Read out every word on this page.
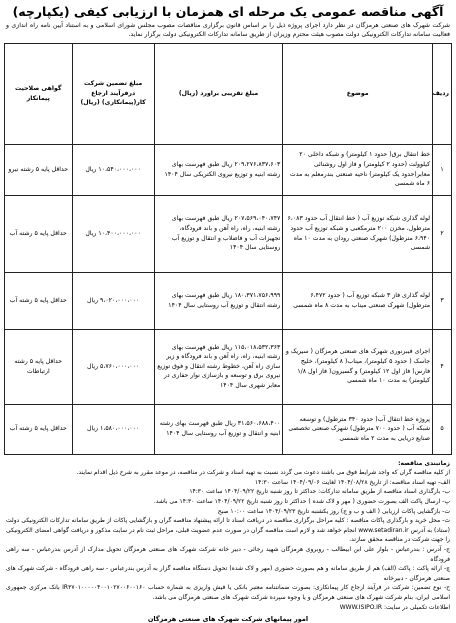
آگهی مناقصه عمومی یک مرحله ای همزمان با ارزیابی کیفی (یکپارچه)
شرکت شهرک های صنعتی هرمزگان در نظر دارد اجرای پروژه ذیل را بر اساس قانون برگزاری مناقصات مصوب مجلس شورای اسلامی و به استناد آیین نامه راه اندازی و فعالیت سامانه تدارکات الکترونیکی دولت مصوب هیئت محترم وزیران از طریق سامانه تدارکات الکترونیکی دولت برگزار نماید.
ردیف	موضوع	مبلغ تقریبی براورد (ریال)	مبلغ تضمین شرکت درفرآیند ارجاع کار(پیمانکاری) (ریال)	گواهی صلاحیت پیمانکار
۱	خط انتقال برق( حدود ۱ کیلومتر) و شبکه داخلی ۲۰ کیلوولت (حدود ۲ کیلومتر) و فاز اول روشنائی معابر(حدود یک کیلومتر) ناحیه صنعتی بندرمعلم به مدت ۶ ماه شمسی	۲۰۹،۲۷۶،۸۳۷،۶۰۳ ریال طبق فهرست بهای رشته ابنیه و توزیع نیروی الکتریکی سال ۱۴۰۴	۱۰،۵۴۰،۰۰۰،۰۰۰ ریال	حداقل پایه ۵ رشته نیرو
۲	لوله گذاری شبکه توزیع آب ( خط انتقال آب حدود ۶،۰۸۳ مترطول، مخزن ۲۰۰ مترمکعبی و شبکه توزیع آب حدود ۶،۹۴۰ مترطول) شهرک صنعتی رودان به مدت ۱۰ ماه شمسی	۲۰۷،۵۶۹،۰۴۰،۷۴۷ ریال طبق فهرست بهای رشته ابنیه، راه، راه آهن و باند فرودگاه، تجهیزات آب و فاضلاب و انتقال و توزیع آب روستایی سال ۱۴۰۴	۱۰،۴۰۰،۰۰۰،۰۰۰ ریال	حداقل پایه ۵ رشته آب
۳	لوله گذاری فاز ۳ شبکه توزیع آب ( حدود ۶،۴۷۲ مترطول) شهرک صنعتی میناب به مدت ۸ ماه شمسی	۱۸۰،۳۷۱،۷۵۶،۹۹۹ ریال طبق فهرست بهای رشته انتقال و توزیع آب روستایی سال ۱۴۰۴	۹،۰۲۰،۰۰۰،۰۰۰ ریال	حداقل پایه ۵ رشته آب
۴	اجرای فیبرنوری شهرک های صنعتی هرمزگان ( سیریک و جاسک ( حدود ۵ کیلومتر)، میناب( ۸ کیلومتر)، خلیج فارس( فاز اول ۱۲ کیلومتر) و گسیرون( فاز اول ۱/۸ کیلومتر) به مدت ۱۰ ماه شمسی	۱۱۵،۰۱۸،۵۳۲،۳۶۳ ریال طبق فهرست بهای رشته ابنیه، راه، راه آهن و باند فرودگاه و زیر سازی راه آهن، خطوط رشته انتقال و فوق توزیع نیروی برق و توسعه و بازسازی نوار حفاری در معابر شهری سال ۱۴۰۴	۵،۷۶۰،۰۰۰،۰۰۰ ریال	حداقل پایه ۵ رشته ارتباطات
۵	پروژه خط انتقال آب( حدود ۳۴۰ مترطول) و توسعه شبکه آب ( حدود ۷۰۰ مترطول) شهرک صنعتی تخصصی صنایع دریایی به مدت ۲ ماه شمسی	۳۱،۵۶۰،۶۸۸،۴۰۰ ریال طبق فهرست بهای رشته ابنیه و انتقال و توزیع آب روستایی سال ۱۴۰۴	۱،۵۸۰،۰۰۰،۰۰۰ ریال	حداقل پایه ۵ رشته آب

زمانبندی مناقصه:

از کلیه مناقصه گران که واجد شرایط فوق می باشند دعوت می گردد نسبت به تهیه اسناد و شرکت در مناقصه، در موعد مقرر به شرح ذیل اقدام نمایند.

الف- تهیه اسناد مناقصه: از تاریخ ۱۴۰۴/۰۸/۲۸ لغایت ۱۴۰۴/۰۹/۰۶ ساعت ۱۴:۳۰

ب- بارگذاری اسناد مناقصه از طریق سامانه تدارکات: حداکثر تا روز شنبه تاریخ ۱۴۰۴/۰۹/۲۲ ساعت ۱۴:۳۰

پ- ارسال پاکت الف بصورت حضوری ( مهر و لاک شده ) حداکثر تا روز شنبه تاریخ ۱۴۰۴/۰۹/۲۲ ساعت ۱۴:۳۰ می باشد.

ت- بازگشایی پاکات ارزیابی ( الف و ب و ج) روز یکشنبه تاریخ ۱۴۰۴/۰۹/۲۳ ساعت ۱۰:۰۰ صبح

ث- محل خرید و بارگذاری پاکات مناقصه : کلیه مراحل برگزاری مناقصه در دریافت اسناد تا ارائه پیشنهاد مناقصه گران و بازگشایی پاکات از طریق سامانه تدارکات الکترونیکی دولت (ستاد) به آدرس www.setadiran.ir انجام خواهد شد و لازم است مناقصه گران در صورت عدم عضویت قبلی، مراحل ثبت نام در سایت مذکور و دریافت گواهی امضای الکترونیکی را جهت شرکت در مناقصه محقق سازند.

ج- آدرس : بندرعباس - بلوار علی ابن ابیطالب - روبروی هرمزگان شهید رجائی - دبیر خانه شرکت شهرک های صنعتی هرمزگان تحویل مدارک از آدرس بندرعباس - سه راهی فرودگاه

چ- ارائه پاکت : پاکت (الف) هم از طریق سامانه و هم بصورت حضوری (مهر و لاک شده) تحویل دستگاه مناقصه گزار به آدرس بندرعباس - سه راهی فرودگاه - شرکت شهرک های صنعتی هرمزگان - دبیرخانه

ح- نوع تضمین: شرکت در فرآیند ارجاع کار پیمانکاری: بصورت ضمانتنامه معتبر بانکی یا فیش واریزی به شماره حساب IR۳۷۰۱۰۰۰۰۰۴۰۰۱۰۲۷۰۰۶۰۰۱۶۰ بانک مرکزی جمهوری اسلامی ایران، بنام شرکت شهرک های صنعتی هرمزگان و یا وجوه سپرده شرکت شهرک های صنعتی هرمزگان می باشد.

اطلاعات تکمیلی در سایت: WWW.ISIPO.IR

امور پیمانهای شرکت شهرک های صنعتی هرمزگان
